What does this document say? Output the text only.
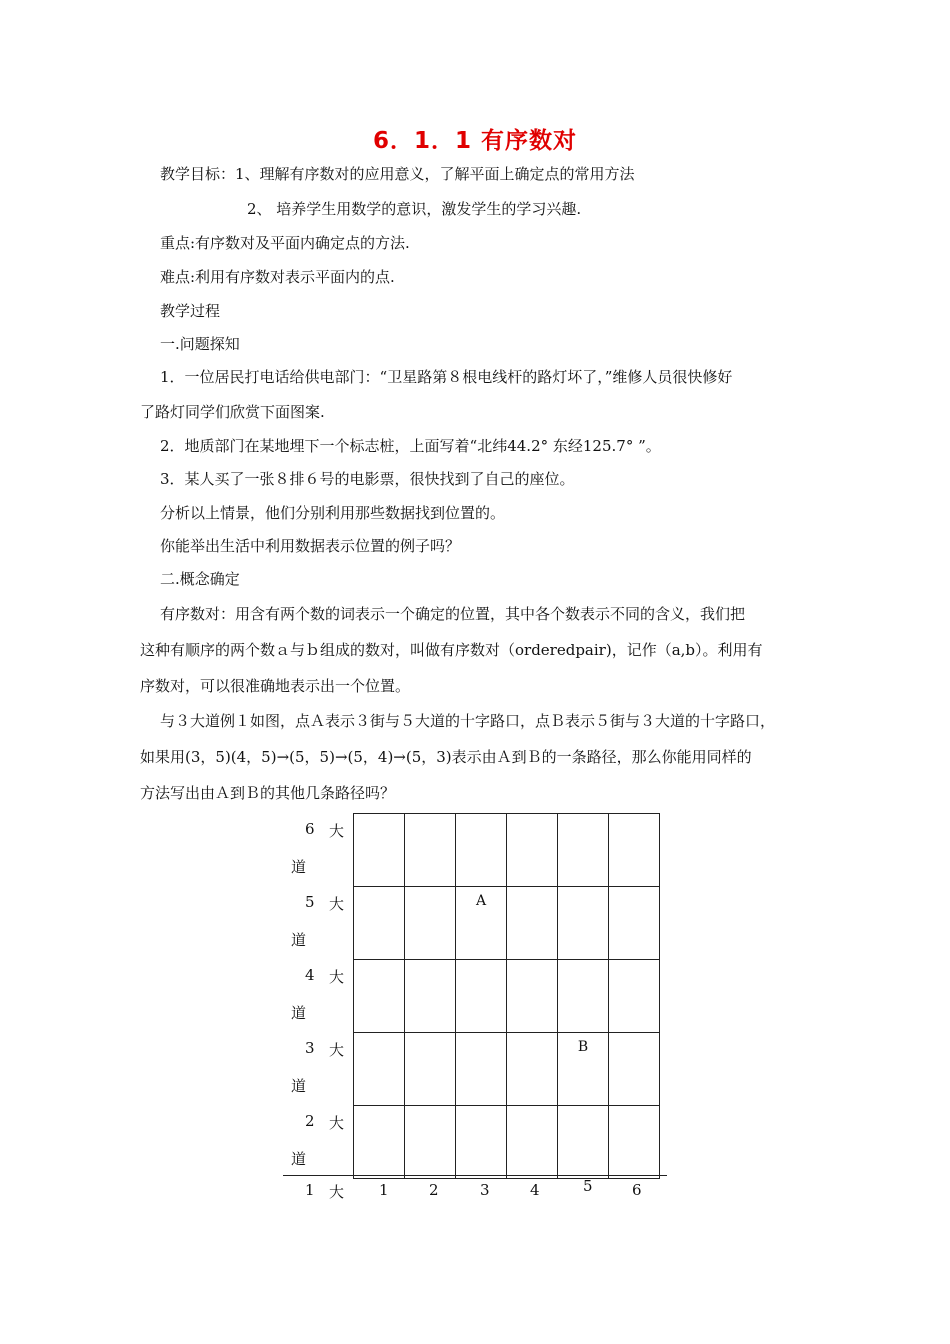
6．1．1 有序数对
教学目标：1、理解有序数对的应用意义，了解平面上确定点的常用方法
2、 培养学生用数学的意识，激发学生的学习兴趣.
重点:有序数对及平面内确定点的方法.
难点:利用有序数对表示平面内的点.
教学过程
一.问题探知
1．一位居民打电话给供电部门：“卫星路第８根电线杆的路灯坏了，”维修人员很快修好
了路灯同学们欣赏下面图案.
2．地质部门在某地埋下一个标志桩，上面写着“北纬44.2° 东经125.7° ”。
3．某人买了一张８排６号的电影票，很快找到了自己的座位。
分析以上情景，他们分别利用那些数据找到位置的。
你能举出生活中利用数据表示位置的例子吗？
二.概念确定
有序数对：用含有两个数的词表示一个确定的位置，其中各个数表示不同的含义，我们把
这种有顺序的两个数ａ与ｂ组成的数对，叫做有序数对（orderedpair)，记作（a,b）。利用有
序数对，可以很准确地表示出一个位置。
与３大道例１如图，点Ａ表示３街与５大道的十字路口，点Ｂ表示５街与３大道的十字路口，
如果用(3，5)(4，5)→(5，5)→(5，4)→(5，3)表示由Ａ到Ｂ的一条路径，那么你能用同样的
方法写出由Ａ到Ｂ的其他几条路径吗？
6 大
道						

5 大
道			A			

4 大
道						

3 大
道					B	

2 大
道						

1 大 1	2	3	4	5	6
